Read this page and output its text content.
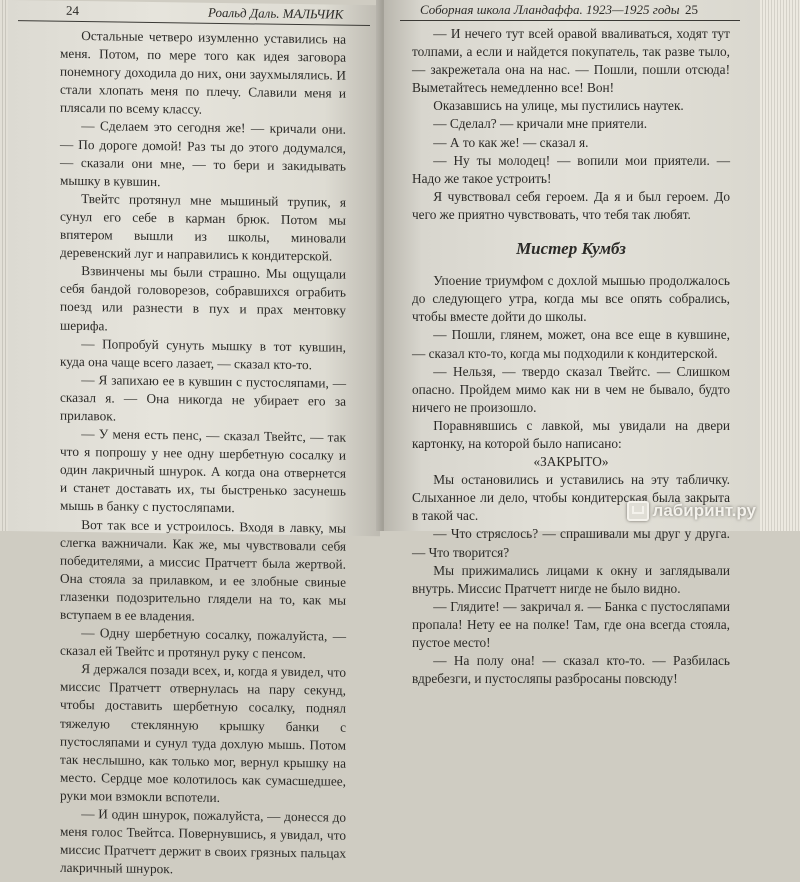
24	Роальд Даль. МАЛЬЧИК

Остальные четверо изумленно уставились на меня. Потом, по мере того как идея заговора понемногу доходила до них, они заухмылялись. И стали хлопать меня по плечу. Славили меня и плясали по всему классу.

— Сделаем это сегодня же! — кричали они. — По дороге домой! Раз ты до этого додумался, — сказали они мне, — то бери и закидывать мышку в кувшин.

Твейтс протянул мне мышиный трупик, я сунул его себе в карман брюк. Потом мы впятером вышли из школы, миновали деревенский луг и направились к кондитерской.

Взвинчены мы были страшно. Мы ощущали себя бандой головорезов, собравшихся ограбить поезд или разнести в пух и прах ментовку шерифа.

— Попробуй сунуть мышку в тот кувшин, куда она чаще всего лазает, — сказал кто-то.

— Я запихаю ее в кувшин с пустосляпами, — сказал я. — Она никогда не убирает его за прилавок.

— У меня есть пенс, — сказал Твейтс, — так что я попрошу у нее одну шербетную сосалку и один лакричный шнурок. А когда она отвернется и станет доставать их, ты быстренько засунешь мышь в банку с пустосляпами.

Вот так все и устроилось. Входя в лавку, мы слегка важничали. Как же, мы чувствовали себя победителями, а миссис Пратчетт была жертвой. Она стояла за прилавком, и ее злобные свиные глазенки подозрительно глядели на то, как мы вступаем в ее владения.

— Одну шербетную сосалку, пожалуйста, — сказал ей Твейтс и протянул руку с пенсом.

Я держался позади всех, и, когда я увидел, что миссис Пратчетт отвернулась на пару секунд, чтобы доставить шербетную сосалку, поднял тяжелую стеклянную крышку банки с пустосляпами и сунул туда дохлую мышь. Потом так неслышно, как только мог, вернул крышку на место. Сердце мое колотилось как сумасшедшее, руки мои взмокли вспотели.

— И один шнурок, пожалуйста, — донесся до меня голос Твейтса. Повернувшись, я увидал, что миссис Пратчетт держит в своих грязных пальцах лакричный шнурок.

Соборная школа Лландаффа. 1923—1925 годы 25

— И нечего тут всей оравой вваливаться, ходят тут толпами, а если и найдется покупатель, так разве тыло, — закрежетала она на нас. — Пошли, пошли отсюда! Выметайтесь немедленно все! Вон!

Оказавшись на улице, мы пустились наутек.

— Сделал? — кричали мне приятели.

— А то как же! — сказал я.

— Ну ты молодец! — вопили мои приятели. — Надо же такое устроить!

Я чувствовал себя героем. Да я и был героем. До чего же приятно чувствовать, что тебя так любят.

Мистер Кумбз

Упоение триумфом с дохлой мышью продолжалось до следующего утра, когда мы все опять собрались, чтобы вместе дойти до школы.

— Пошли, глянем, может, она все еще в кувшине, — сказал кто-то, когда мы подходили к кондитерской.

— Нельзя, — твердо сказал Твейтс. — Слишком опасно. Пройдем мимо как ни в чем не бывало, будто ничего не произошло.

Поравнявшись с лавкой, мы увидали на двери картонку, на которой было написано:

«ЗАКРЫТО»

Мы остановились и уставились на эту табличку. Слыханное ли дело, чтобы кондитерская была закрыта в такой час.

— Что стряслось? — спрашивали мы друг у друга. — Что творится?

Мы прижимались лицами к окну и заглядывали внутрь. Миссис Пратчетт нигде не было видно.

— Глядите! — закричал я. — Банка с пустосляпами пропала! Нету ее на полке! Там, где она всегда стояла, пустое место!

— На полу она! — сказал кто-то. — Разбилась вдребезги, и пустосляпы разбросаны повсюду!

лабиринт.ру
